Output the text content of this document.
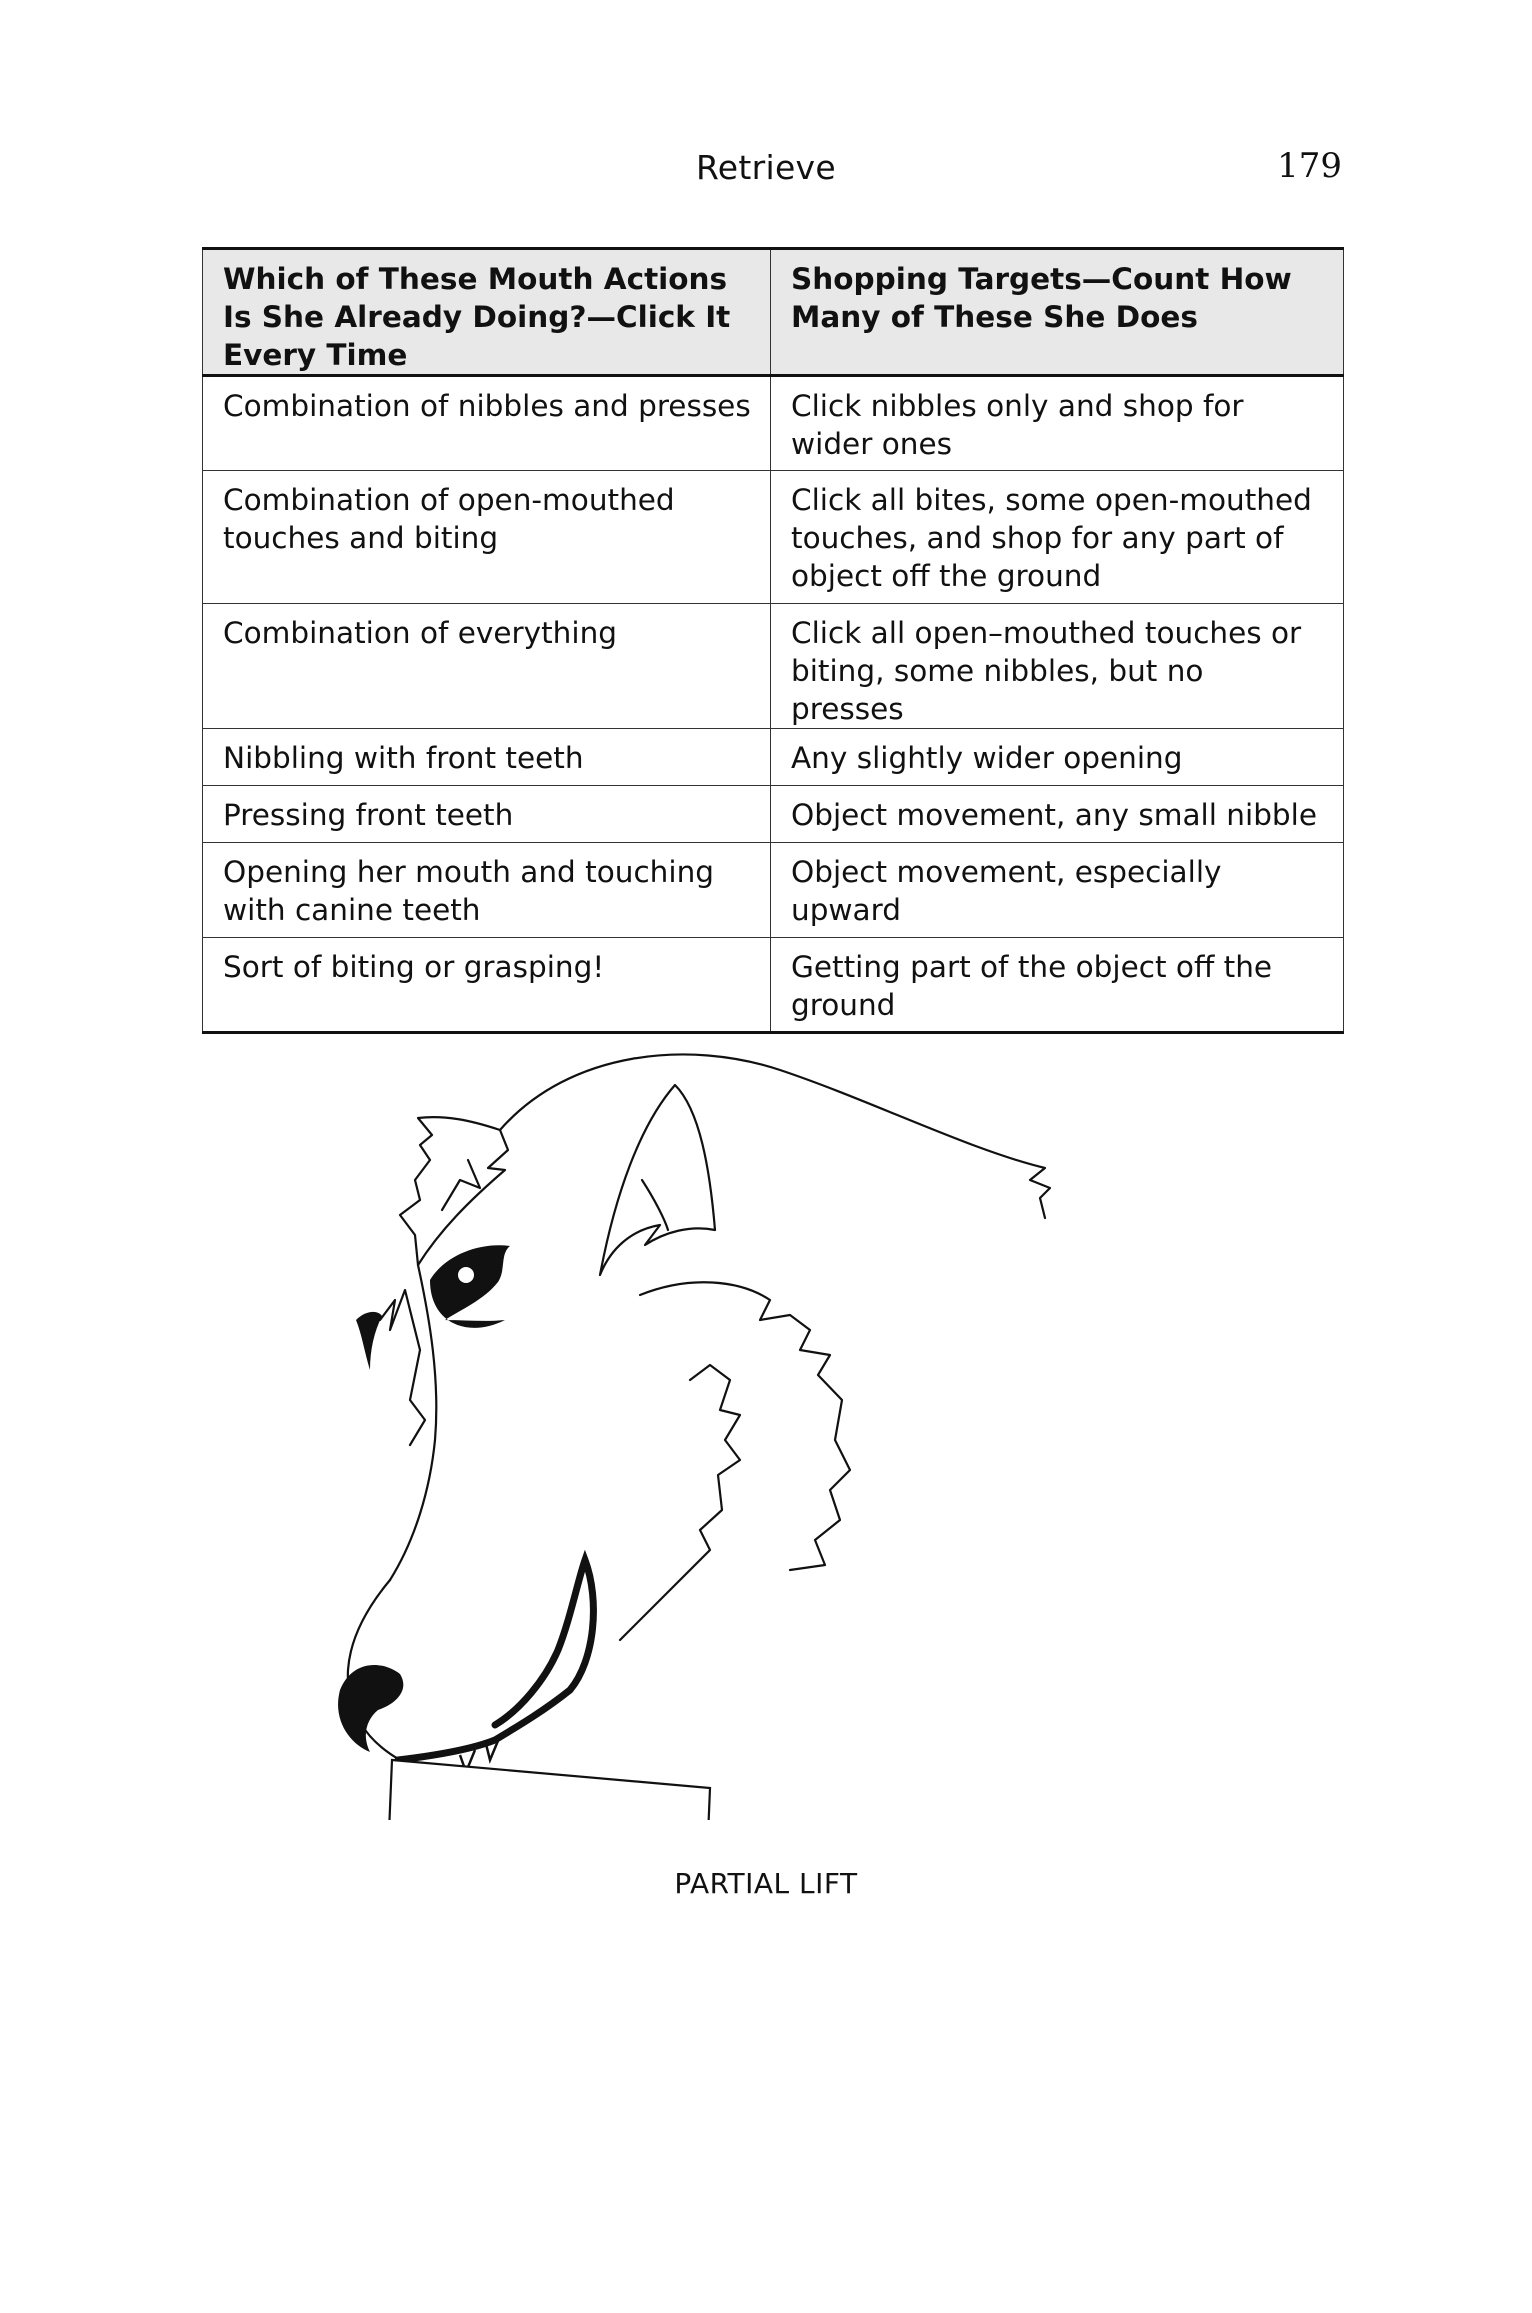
Retrieve	179
Which of These Mouth Actions Is She Already Doing?—Click It Every Time	Shopping Targets—Count How Many of These She Does
Combination of nibbles and presses	Click nibbles only and shop for wider ones
Combination of open-mouthed touches and biting	Click all bites, some open-mouthed touches, and shop for any part of object off the ground
Combination of everything	Click all open–mouthed touches or biting, some nibbles, but no presses
Nibbling with front teeth	Any slightly wider opening
Pressing front teeth	Object movement, any small nibble
Opening her mouth and touching with canine teeth	Object movement, especially upward
Sort of biting or grasping!	Getting part of the object off the ground
PARTIAL LIFT
